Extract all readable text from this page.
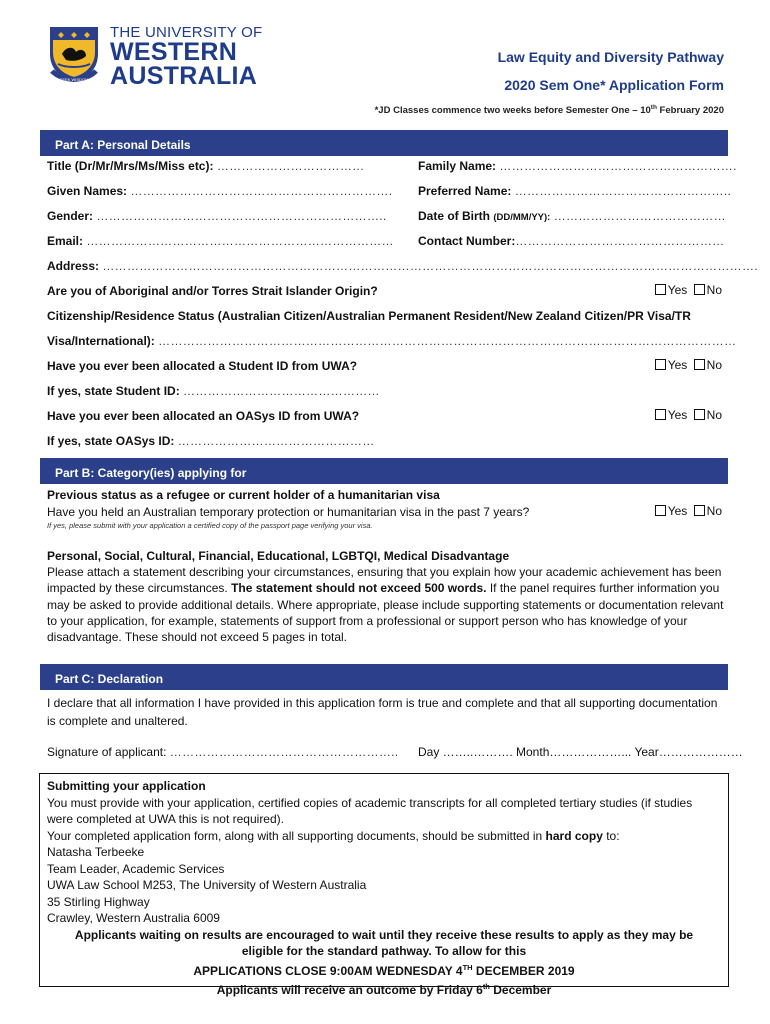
SEEK WISDOM
THE UNIVERSITY OF
WESTERN
AUSTRALIA
Law Equity and Diversity Pathway
2020 Sem One* Application Form
*JD Classes commence two weeks before Semester One – 10th February 2020
Part A: Personal Details
Title (Dr/Mr/Mrs/Ms/Miss etc): ………………………………	Family Name: ………………………………………………….
Given Names: ………………………………………………………. Preferred Name: ……………………………………………..
Gender: ……………………………………………………………..	Date of Birth (DD/MM/YY): ……………………………………
Email: ………………………………………………………………… Contact Number:……………………………………………
Address: …………………………………………………………………………………………………………………………………………….
Are you of Aboriginal and/or Torres Strait Islander Origin?	Yes No
Citizenship/Residence Status (Australian Citizen/Australian Permanent Resident/New Zealand Citizen/PR Visa/TR
Visa/International): ……………………………………………………………………………………………………………………………
Have you ever been allocated a Student ID from UWA?	Yes No
If yes, state Student ID: …………………………………………
Have you ever been allocated an OASys ID from UWA?	Yes No
If yes, state OASys ID: …………………………………………
Part B: Category(ies) applying for
Previous status as a refugee or current holder of a humanitarian visa
Have you held an Australian temporary protection or humanitarian visa in the past 7 years?	Yes No
If yes, please submit with your application a certified copy of the passport page verifying your visa.
Personal, Social, Cultural, Financial, Educational, LGBTQI, Medical Disadvantage
Please attach a statement describing your circumstances, ensuring that you explain how your academic achievement has been impacted by these circumstances. The statement should not exceed 500 words. If the panel requires further information you may be asked to provide additional details. Where appropriate, please include supporting statements or documentation relevant to your application, for example, statements of support from a professional or support person who has knowledge of your disadvantage. These should not exceed 5 pages in total.
Part C: Declaration
I declare that all information I have provided in this application form is true and complete and that all supporting documentation is complete and unaltered.
Signature of applicant: ……………………………………………….. Day ……..………. Month………………... Year…………………
Submitting your application
You must provide with your application, certified copies of academic transcripts for all completed tertiary studies (if studies were completed at UWA this is not required).
Your completed application form, along with all supporting documents, should be submitted in hard copy to:
Natasha Terbeeke
Team Leader, Academic Services
UWA Law School M253, The University of Western Australia
35 Stirling Highway
Crawley, Western Australia 6009
Applicants waiting on results are encouraged to wait until they receive these results to apply as they may be
eligible for the standard pathway. To allow for this
APPLICATIONS CLOSE 9:00AM WEDNESDAY 4TH DECEMBER 2019
Applicants will receive an outcome by Friday 6th December
